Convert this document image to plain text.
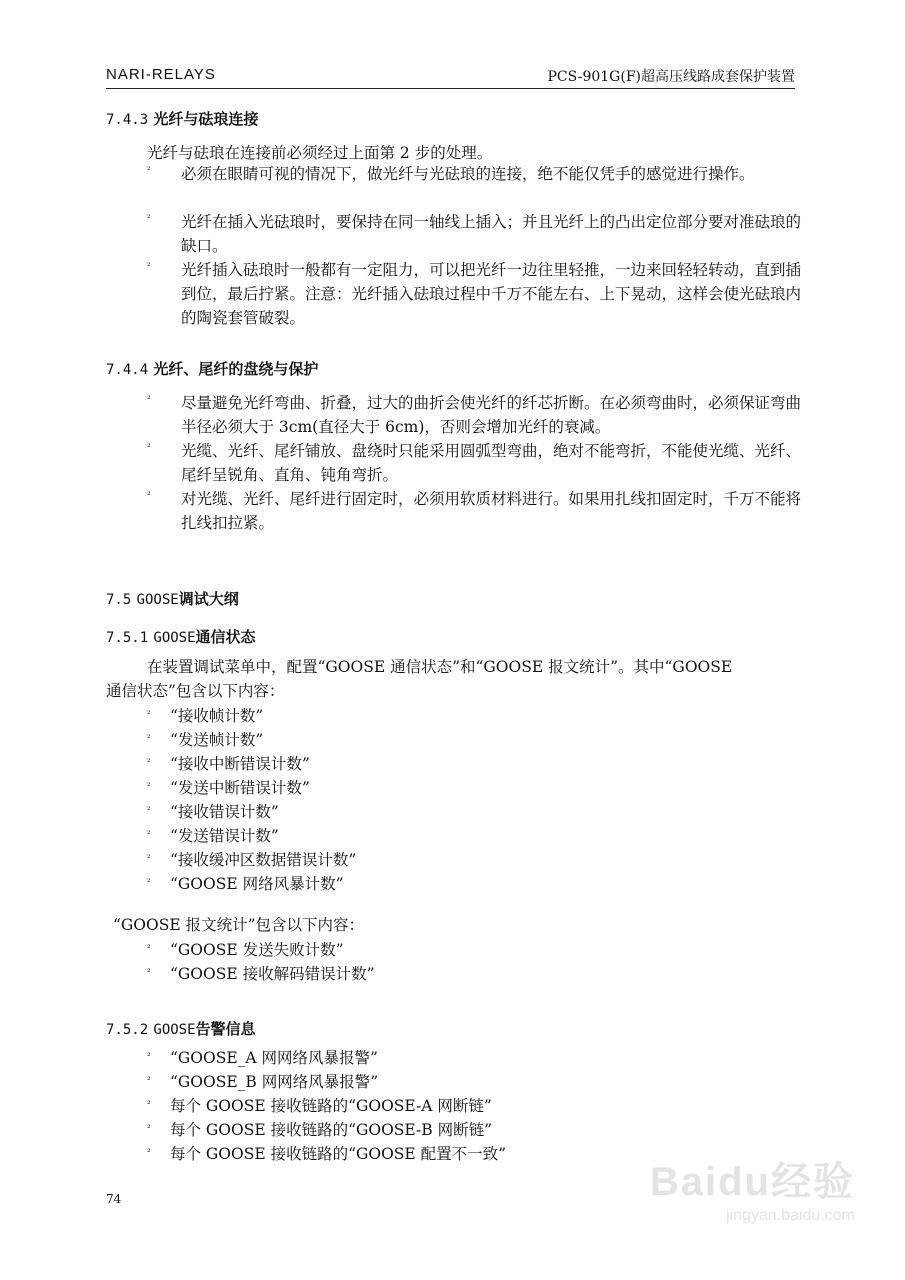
NARI-RELAYS	PCS-901G(F)超高压线路成套保护装置
7.4.3 光纤与砝琅连接
光纤与砝琅在连接前必须经过上面第 2 步的处理。
² 必须在眼睛可视的情况下，做光纤与光砝琅的连接，绝不能仅凭手的感觉进行操作。
² 光纤在插入光砝琅时，要保持在同一轴线上插入；并且光纤上的凸出定位部分要对准砝琅的缺口。
² 光纤插入砝琅时一般都有一定阻力，可以把光纤一边往里轻推，一边来回轻轻转动，直到插到位，最后拧紧。注意：光纤插入砝琅过程中千万不能左右、上下晃动，这样会使光砝琅内的陶瓷套管破裂。
7.4.4 光纤、尾纤的盘绕与保护
² 尽量避免光纤弯曲、折叠，过大的曲折会使光纤的纤芯折断。在必须弯曲时，必须保证弯曲半径必须大于 3cm(直径大于 6cm)，否则会增加光纤的衰减。
² 光缆、光纤、尾纤铺放、盘绕时只能采用圆弧型弯曲，绝对不能弯折，不能使光缆、光纤、尾纤呈锐角、直角、钝角弯折。
² 对光缆、光纤、尾纤进行固定时，必须用软质材料进行。如果用扎线扣固定时，千万不能将扎线扣拉紧。
7.5 GOOSE调试大纲
7.5.1 GOOSE通信状态
在装置调试菜单中，配置“GOOSE 通信状态”和“GOOSE 报文统计”。其中“GOOSE
通信状态”包含以下内容：
² “接收帧计数”
² “发送帧计数”
² “接收中断错误计数”
² “发送中断错误计数”
² “接收错误计数”
² “发送错误计数”
² “接收缓冲区数据错误计数”
² “GOOSE 网络风暴计数”
“GOOSE 报文统计”包含以下内容：
² “GOOSE 发送失败计数”
² “GOOSE 接收解码错误计数”
7.5.2 GOOSE告警信息
² “GOOSE_A 网网络风暴报警”
² “GOOSE_B 网网络风暴报警”
² 每个 GOOSE 接收链路的“GOOSE-A 网断链”
² 每个 GOOSE 接收链路的“GOOSE-B 网断链”
² 每个 GOOSE 接收链路的“GOOSE 配置不一致”
74	Baidu经验
jingyan.baidu.com
